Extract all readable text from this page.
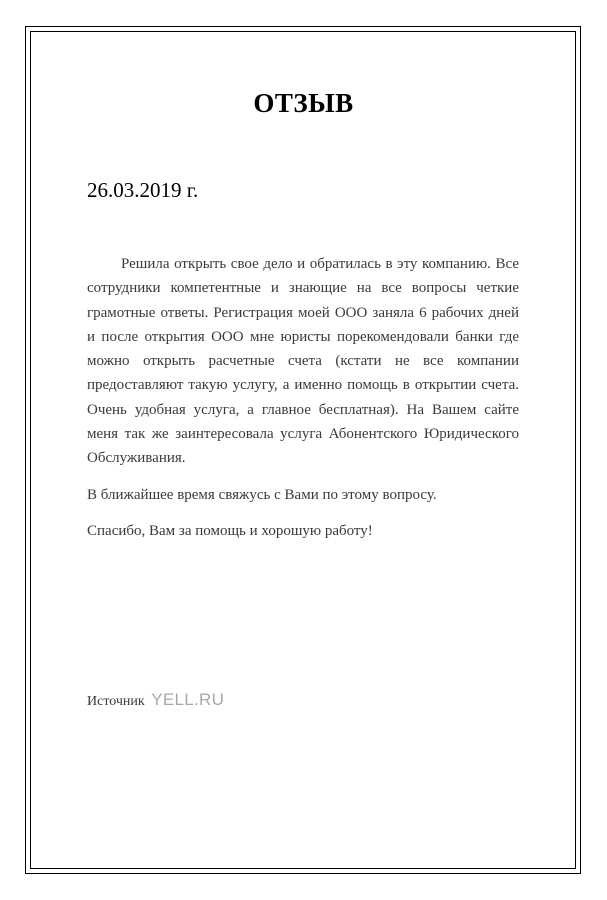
ОТЗЫВ
26.03.2019 г.

Решила открыть свое дело и обратилась в эту компанию. Все сотрудники компетентные и знающие на все вопросы четкие грамотные ответы. Регистрация моей ООО заняла 6 рабочих дней и после открытия ООО мне юристы порекомендовали банки где можно открыть расчетные счета (кстати не все компании предоставляют такую услугу, а именно помощь в открытии счета. Очень удобная услуга, а главное бесплатная). На Вашем сайте меня так же заинтересовала услуга Абонентского Юридического Обслуживания.

В ближайшее время свяжусь с Вами по этому вопросу.

Спасибо, Вам за помощь и хорошую работу!

Источник YELL.RU
